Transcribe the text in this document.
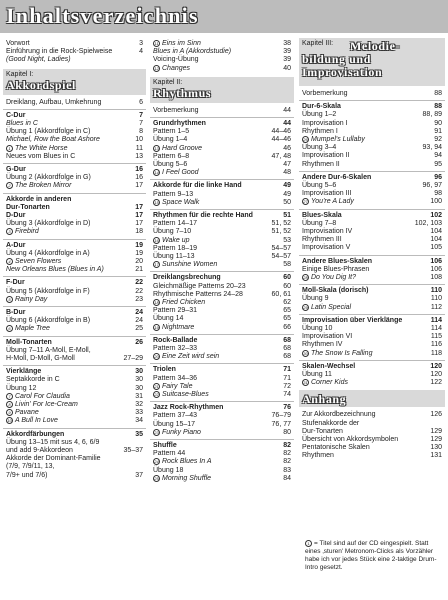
Inhaltsverzeichnis
Vorwort	3
Einführung in die Rock-Spielweise	4
(Good Night, Ladies)
Kapitel I:
Akkordspiel
Dreiklang, Aufbau, Umkehrung	6
C-Dur	7
Blues in C	7
Übung 1 (Akkordfolge in C)	8
Michael, Row the Boat Ashore	10
1 The White Horse	11
Neues vom Blues in C	13
G-Dur	16
Übung 2 (Akkordfolge in G)	16
2 The Broken Mirror	17
Akkorde in anderen
Dur-Tonarten	17
D-Dur	17
Übung 3 (Akkordfolge in D)	17
3 Firebird	18
A-Dur	19
Übung 4 (Akkordfolge in A)	19
4 Seven Flowers	20
New Orleans Blues (Blues in A)	21
F-Dur	22
Übung 5 (Akkordfolge in F)	22
5 Rainy Day	23
B-Dur	24
Übung 6 (Akkordfolge in B)	24
6 Maple Tree	25
Moll-Tonarten	26
Übung 7–11 A-Moll, E-Moll,
H-Moll, D-Moll, G-Moll	27–29
Vierklänge	30
Septakkorde in C	30
Übung 12	30
7 Carol For Claudia	31
8 Livin' For Ice-Cream	32
9 Pavane	33
10 A Bull In Love	34
Akkordfärbungen	35
Übung 13–15 mit sus 4, 6, 6/9
und add 9-Akkordeon	35–37
Akkorde der Dominant-Familie
(7/9, 7/9/11, 13,
7/9+ und 7/6)	37
11 Eins im Sinn	38
Blues in A (Akkordstudie)	39
Voicing-Übung	39
12 Changes	40
Kapitel II:
Rhythmus
Vorbemerkung	44
Grundrhythmen	44
Pattern 1–5	44–46
Übung 1–4	44–46
13 Hard Groove	46
Pattern 6–8	47, 48
Übung 5–6	47
14 I Feel Good	48
Akkorde für die linke Hand	49
Pattern 9–13	49
15 Space Walk	50
Rhythmen für die rechte Hand	51
Pattern 14–17	51, 52
Übung 7–10	51, 52
16 Wake up	53
Pattern 18–19	54–57
Übung 11–13	54–57
17 Sunshine Women	58
Dreiklangsbrechung	60
Gleichmäßige Patterns 20–23	60
Rhythmische Patterns 24–28	60, 61
18 Fried Chicken	62
Pattern 29–31	65
Übung 14	65
19 Nightmare	66
Rock-Ballade	68
Pattern 32–33	68
20 Eine Zeit wird sein	68
Triolen	71
Pattern 34–36	71
21 Fairy Tale	72
22 Suitcase-Blues	74
Jazz Rock-Rhythmen	76
Pattern 37–43	76–79
Übung 15–17	76, 77
23 Funky Piano	80
Shuffle	82
Pattern 44	82
24 Rock Blues In A	82
Übung 18	83
25 Morning Shuffle	84
Kapitel III: Melodie-
bildung und
Improvisation
Vorbemerkung	88
Dur-6-Skala	88
Übung 1–2	88, 89
Improvisation I	90
Rhythmen I	91
26 Mumpel's Lullaby	92
Übung 3–4	93, 94
Improvisation II	94
Rhythmen II	95
Andere Dur-6-Skalen	96
Übung 5–6	96, 97
Improvisation III	98
27 You're A Lady	100
Blues-Skala	102
Übung 7–8	102, 103
Improvisation IV	104
Rhythmen III	104
Improvisation V	105
Andere Blues-Skalen	106
Einige Blues-Phrasen	106
28 Do You Dig It?	108
Moll-Skala (dorisch)	110
Übung 9	110
29 Latin Special	112
Improvisation über Vierklänge	114
Übung 10	114
Improvisation VI	115
Rhythmen IV	116
30 The Snow Is Falling	118
Skalen-Wechsel	120
Übung 11	120
31 Corner Kids	122
Anhang
Zur Akkordbezeichnung	126
Stufenakkorde der
Dur-Tonarten	129
Übersicht von Akkordsymbolen	129
Pentatonische Skalen	130
Rhythmen	131
1 = Titel sind auf der CD eingespielt. Statt eines ‚sturen' Metronom-Clicks als Vorzähler habe ich vor jedes Stück eine 2-taktige Drum-Intro gesetzt.
